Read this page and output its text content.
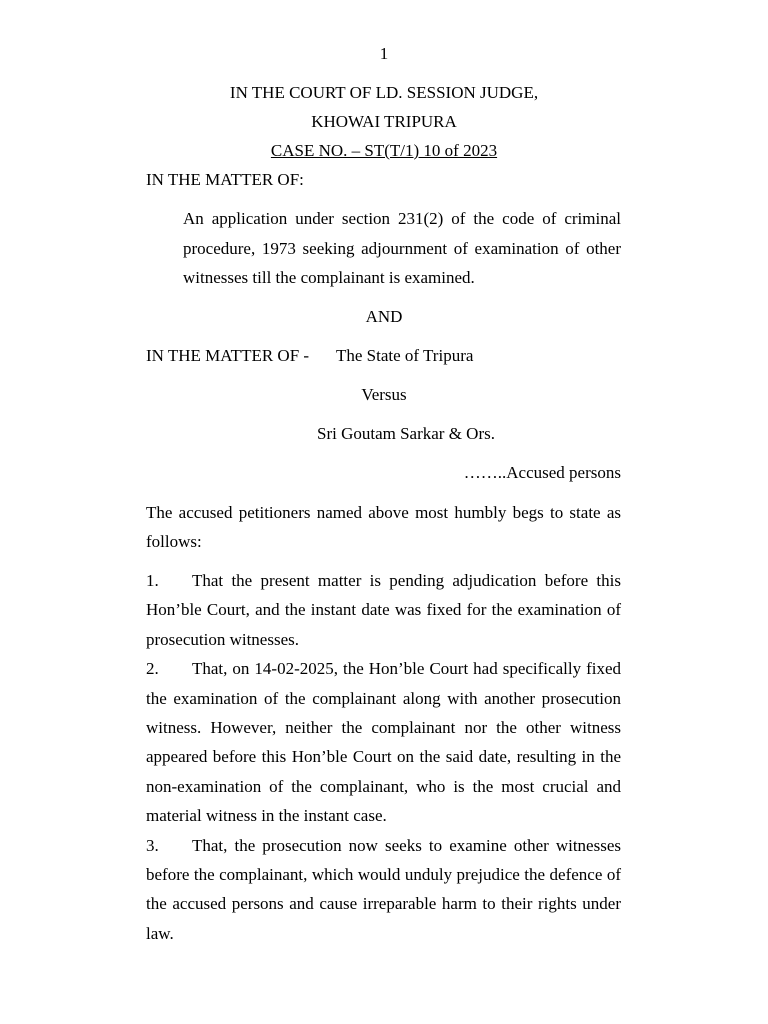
1
IN THE COURT OF LD. SESSION JUDGE,
KHOWAI TRIPURA
CASE NO. – ST(T/1) 10 of 2023
IN THE MATTER OF:
An application under section 231(2) of the code of criminal procedure, 1973 seeking adjournment of examination of other witnesses till the complainant is examined.
AND
IN THE MATTER OF - The State of Tripura
Versus
Sri Goutam Sarkar & Ors.
……..Accused persons
The accused petitioners named above most humbly begs to state as follows:

1. That the present matter is pending adjudication before this Hon’ble Court, and the instant date was fixed for the examination of prosecution witnesses.

2. That, on 14-02-2025, the Hon’ble Court had specifically fixed the examination of the complainant along with another prosecution witness. However, neither the complainant nor the other witness appeared before this Hon’ble Court on the said date, resulting in the non-examination of the complainant, who is the most crucial and material witness in the instant case.

3. That, the prosecution now seeks to examine other witnesses before the complainant, which would unduly prejudice the defence of the accused persons and cause irreparable harm to their rights under law.
